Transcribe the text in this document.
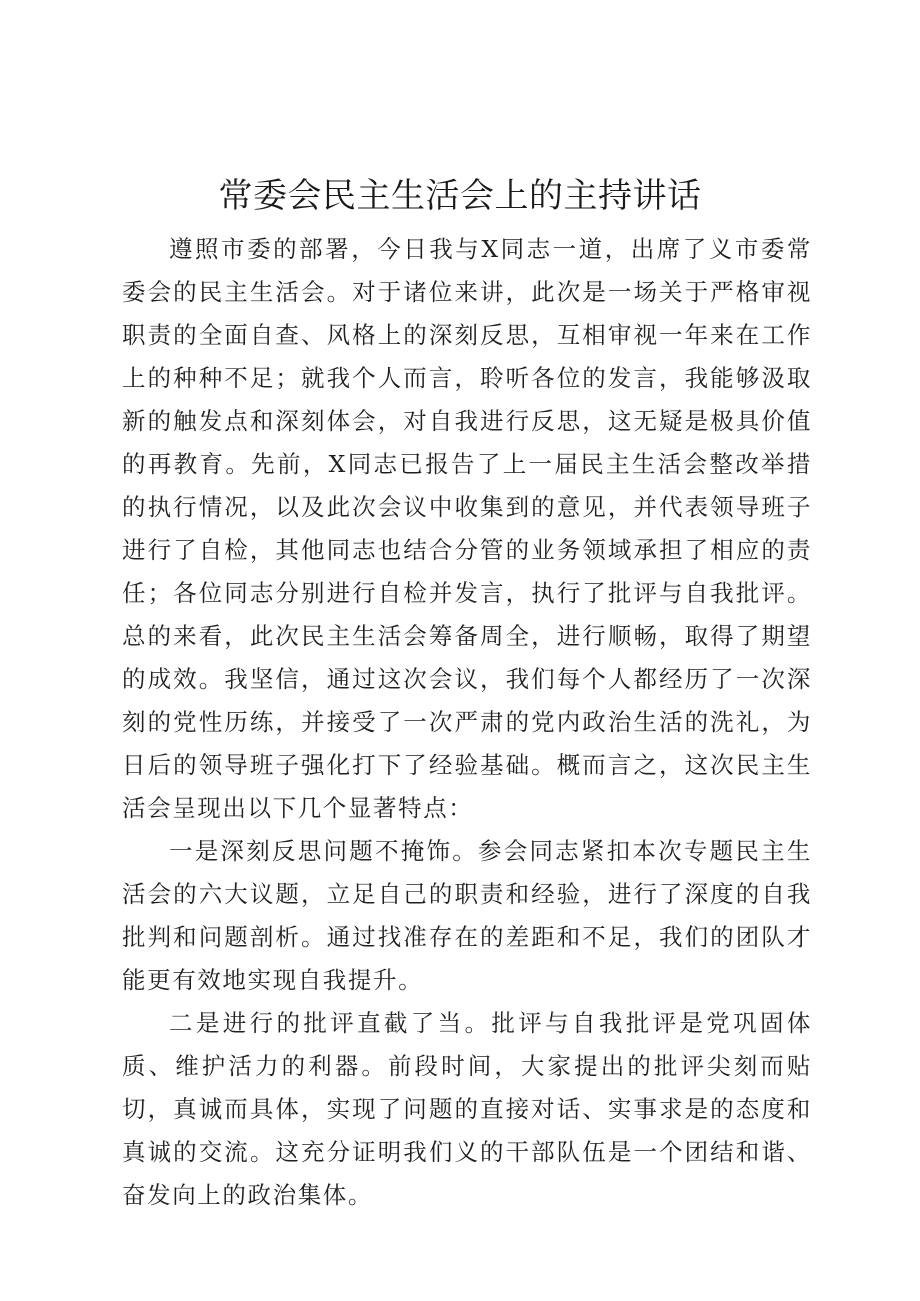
常委会民主生活会上的主持讲话

遵照市委的部署，今日我与X同志一道，出席了义市委常委会的民主生活会。对于诸位来讲，此次是一场关于严格审视职责的全面自查、风格上的深刻反思，互相审视一年来在工作上的种种不足；就我个人而言，聆听各位的发言，我能够汲取新的触发点和深刻体会，对自我进行反思，这无疑是极具价值的再教育。先前，X同志已报告了上一届民主生活会整改举措的执行情况，以及此次会议中收集到的意见，并代表领导班子进行了自检，其他同志也结合分管的业务领域承担了相应的责任；各位同志分别进行自检并发言，执行了批评与自我批评。总的来看，此次民主生活会筹备周全，进行顺畅，取得了期望的成效。我坚信，通过这次会议，我们每个人都经历了一次深刻的党性历练，并接受了一次严肃的党内政治生活的洗礼，为日后的领导班子强化打下了经验基础。概而言之，这次民主生活会呈现出以下几个显著特点：

一是深刻反思问题不掩饰。参会同志紧扣本次专题民主生活会的六大议题，立足自己的职责和经验，进行了深度的自我批判和问题剖析。通过找准存在的差距和不足，我们的团队才能更有效地实现自我提升。

二是进行的批评直截了当。批评与自我批评是党巩固体质、维护活力的利器。前段时间，大家提出的批评尖刻而贴切，真诚而具体，实现了问题的直接对话、实事求是的态度和真诚的交流。这充分证明我们义的干部队伍是一个团结和谐、奋发向上的政治集体。
